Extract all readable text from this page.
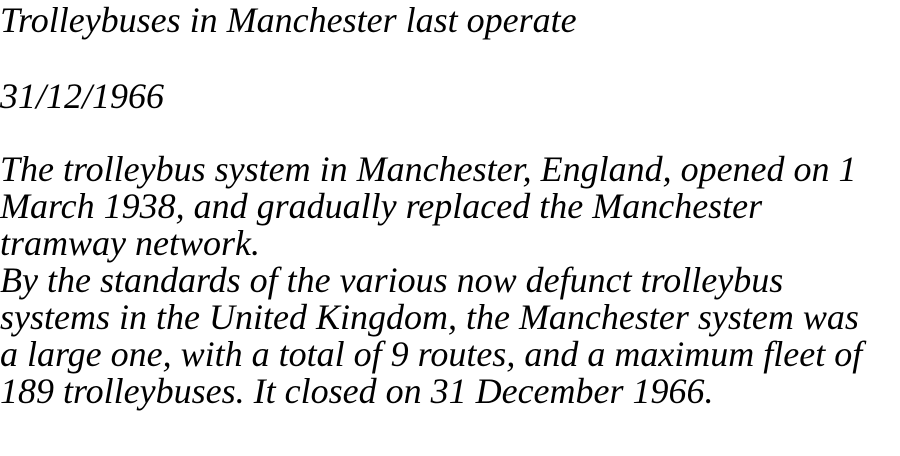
Trolleybuses in Manchester last operate
31/12/1966

The trolleybus system in Manchester, England, opened on 1 March 1938, and gradually replaced the Manchester tramway network.

By the standards of the various now defunct trolleybus systems in the United Kingdom, the Manchester system was a large one, with a total of 9 routes, and a maximum fleet of 189 trolleybuses. It closed on 31 December 1966.
